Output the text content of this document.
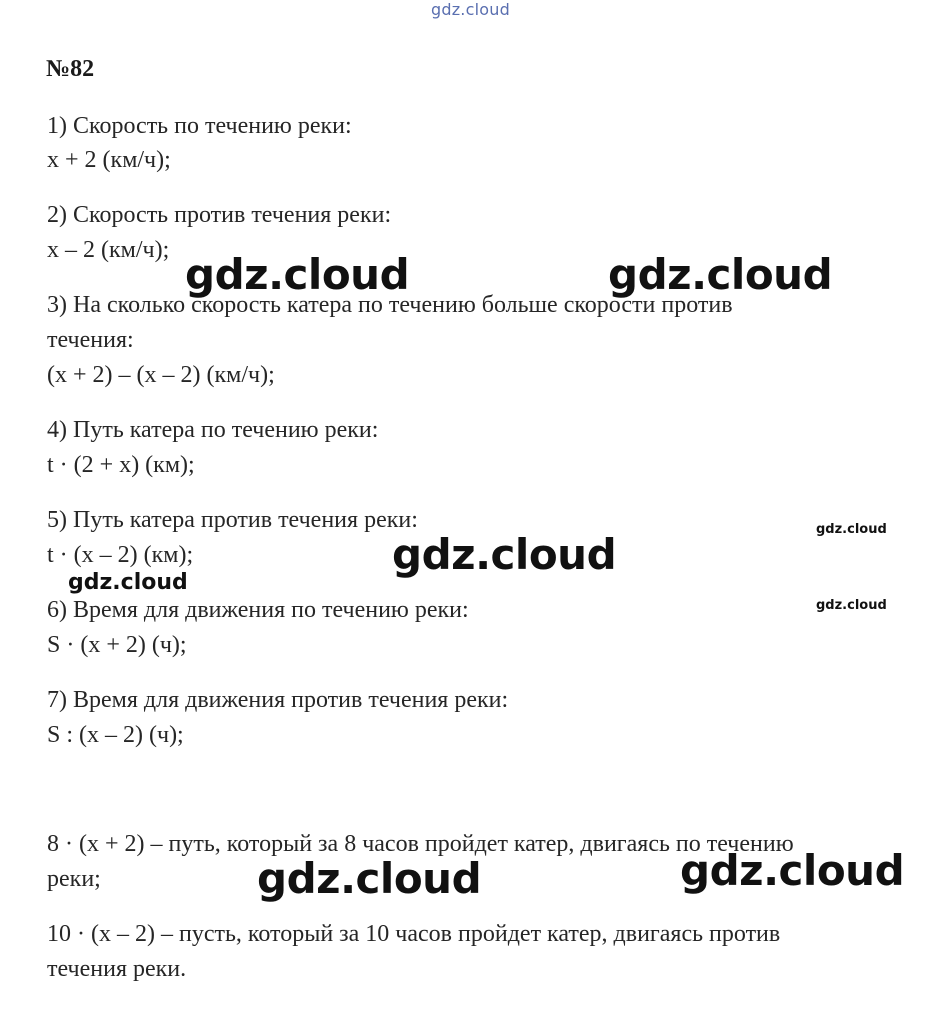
gdz.cloud
№82
1) Скорость по течению реки:
x + 2 (км/ч);
2) Скорость против течения реки:
x – 2 (км/ч);
3) На сколько скорость катера по течению больше скорости против
течения:
(x + 2) – (x – 2) (км/ч);
4) Путь катера по течению реки:
t · (2 + x) (км);
5) Путь катера против течения реки:
t · (x – 2) (км);
6) Время для движения по течению реки:
S · (x + 2) (ч);
7) Время для движения против течения реки:
S : (x – 2) (ч);
8 · (x + 2) – путь, который за 8 часов пройдет катер, двигаясь по течению
реки;
10 · (x – 2) – пусть, который за 10 часов пройдет катер, двигаясь против
течения реки.
gdz.cloud	gdz.cloud
gdz.cloud
gdz.cloud
gdz.cloud
gdz.cloud
gdz.cloud	gdz.cloud
